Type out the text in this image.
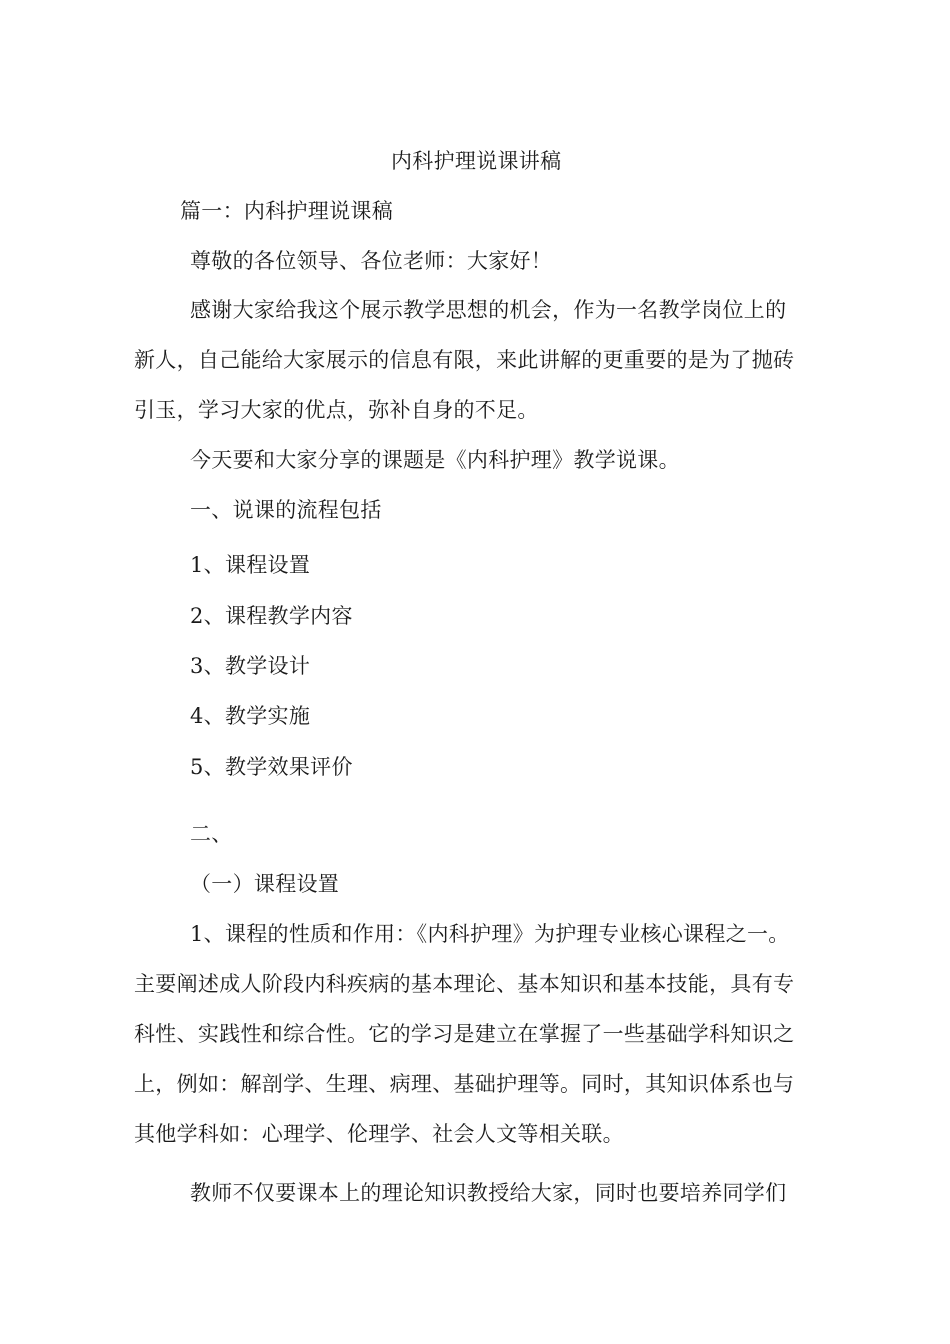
内科护理说课讲稿
篇一：内科护理说课稿
尊敬的各位领导、各位老师：大家好！
感谢大家给我这个展示教学思想的机会，作为一名教学岗位上的
新人，自己能给大家展示的信息有限，来此讲解的更重要的是为了抛砖
引玉，学习大家的优点，弥补自身的不足。
今天要和大家分享的课题是《内科护理》教学说课。
一、说课的流程包括
1、课程设置
2、课程教学内容
3、教学设计
4、教学实施
5、教学效果评价
二、
（一）课程设置
1、课程的性质和作用：《内科护理》为护理专业核心课程之一。
主要阐述成人阶段内科疾病的基本理论、基本知识和基本技能，具有专
科性、实践性和综合性。它的学习是建立在掌握了一些基础学科知识之
上，例如：解剖学、生理、病理、基础护理等。同时，其知识体系也与
其他学科如：心理学、伦理学、社会人文等相关联。
教师不仅要课本上的理论知识教授给大家，同时也要培养同学们
